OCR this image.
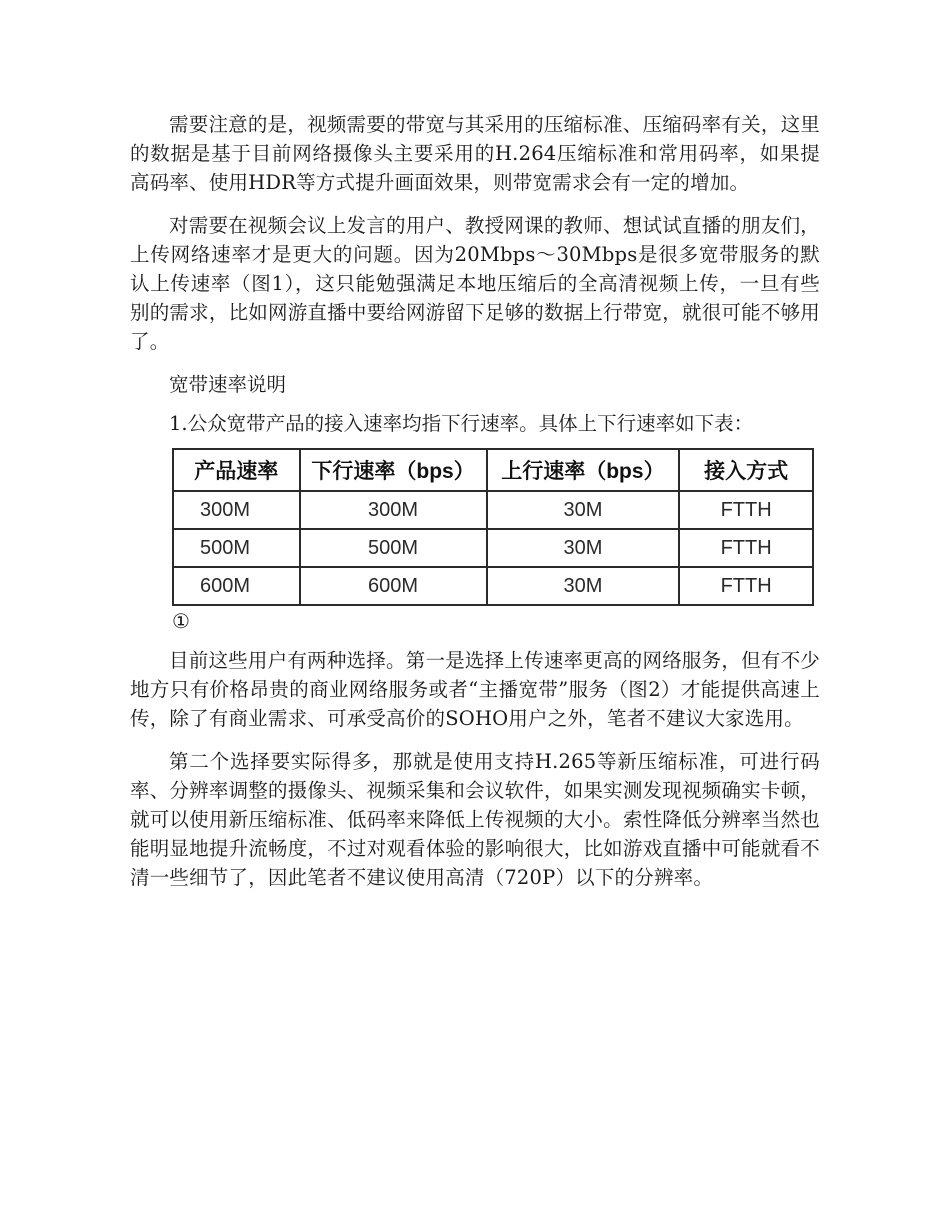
需要注意的是，视频需要的带宽与其采用的压缩标准、压缩码率有关，这里的数据是基于目前网络摄像头主要采用的H.264压缩标准和常用码率，如果提高码率、使用HDR等方式提升画面效果，则带宽需求会有一定的增加。

对需要在视频会议上发言的用户、教授网课的教师、想试试直播的朋友们，上传网络速率才是更大的问题。因为20Mbps～30Mbps是很多宽带服务的默认上传速率（图1），这只能勉强满足本地压缩后的全高清视频上传，一旦有些别的需求，比如网游直播中要给网游留下足够的数据上行带宽，就很可能不够用了。

宽带速率说明

1.公众宽带产品的接入速率均指下行速率。具体上下行速率如下表：

产品速率	下行速率（bps）	上行速率（bps）	接入方式
300M	300M	30M	FTTH
500M	500M	30M	FTTH
600M	600M	30M	FTTH
①

目前这些用户有两种选择。第一是选择上传速率更高的网络服务，但有不少地方只有价格昂贵的商业网络服务或者“主播宽带”服务（图2）才能提供高速上传，除了有商业需求、可承受高价的SOHO用户之外，笔者不建议大家选用。

第二个选择要实际得多，那就是使用支持H.265等新压缩标准，可进行码率、分辨率调整的摄像头、视频采集和会议软件，如果实测发现视频确实卡顿，就可以使用新压缩标准、低码率来降低上传视频的大小。索性降低分辨率当然也能明显地提升流畅度，不过对观看体验的影响很大，比如游戏直播中可能就看不清一些细节了，因此笔者不建议使用高清（720P）以下的分辨率。
